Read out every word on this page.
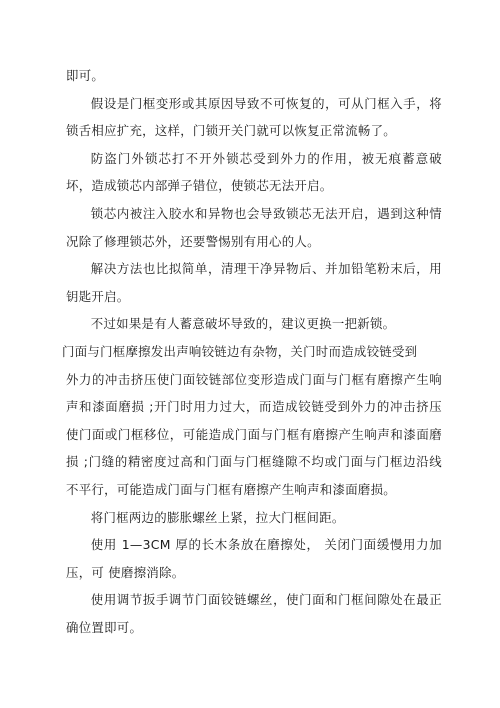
即可。

假设是门框变形或其原因导致不可恢复的，可从门框入手，将锁舌相应扩充，这样，门锁开关门就可以恢复正常流畅了。

防盗门外锁芯打不开外锁芯受到外力的作用，被无痕蓄意破坏，造成锁芯内部弹子错位，使锁芯无法开启。

锁芯内被注入胶水和异物也会导致锁芯无法开启，遇到这种情况除了修理锁芯外，还要警惕别有用心的人。

解决方法也比拟简单，清理干净异物后、并加铅笔粉末后，用钥匙开启。

不过如果是有人蓄意破坏导致的，建议更换一把新锁。

门面与门框摩擦发出声响铰链边有杂物，关门时而造成铰链受到

外力的冲击挤压使门面铰链部位变形造成门面与门框有磨擦产生响声和漆面磨损 ;开门时用力过大，而造成铰链受到外力的冲击挤压使门面或门框移位，可能造成门面与门框有磨擦产生响声和漆面磨损 ;门缝的精密度过高和门面与门框缝隙不均或门面与门框边沿线不平行，可能造成门面与门框有磨擦产生响声和漆面磨损。

将门框两边的膨胀螺丝上紧，拉大门框间距。

使用 1—3CM 厚的长木条放在磨擦处， 关闭门面缓慢用力加压，可 使磨擦消除。

使用调节扳手调节门面铰链螺丝，使门面和门框间隙处在最正确位置即可。
